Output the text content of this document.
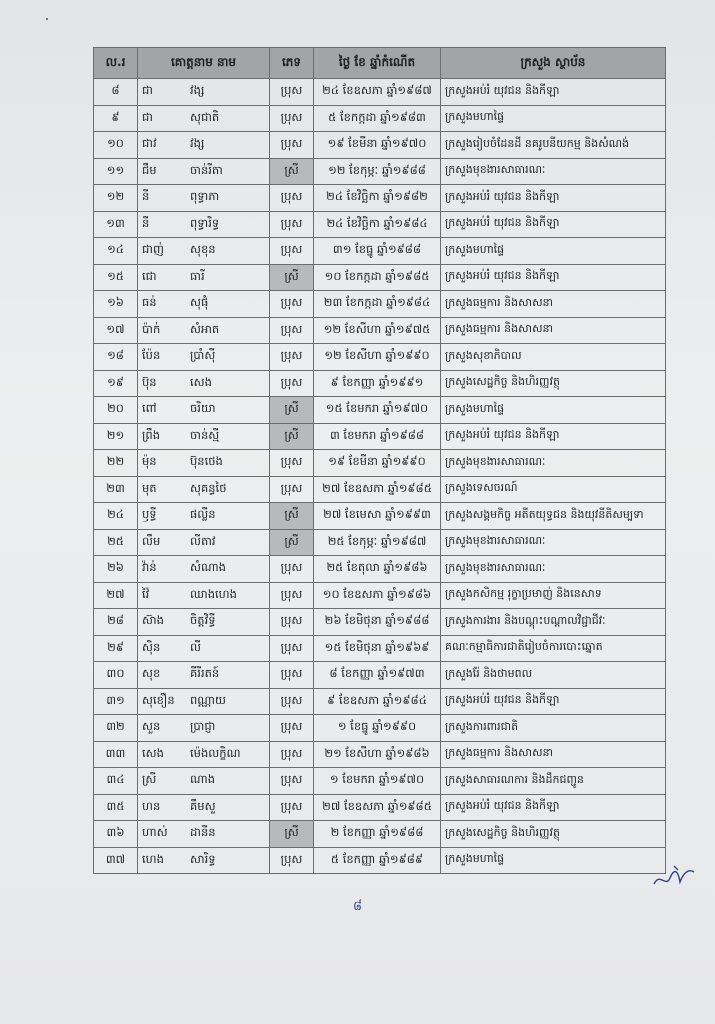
ល.រ	គោត្តនាម នាម	ភេទ	ថ្ងៃ ខែ ឆ្នាំកំណើត	ក្រសួង ស្ថាប័ន
៨	ជា វង្ស	ប្រុស	២៤ ខែឧសភា ឆ្នាំ១៩៨៧	ក្រសួងអប់រំ យុវជន និងកីឡា
៩	ជា សុជាតិ	ប្រុស	៥ ខែកក្កដា ឆ្នាំ១៩៨៣	ក្រសួងមហាផ្ទៃ
១០	ជាវ វង្ស	ប្រុស	១៩ ខែមីនា ឆ្នាំ១៩៧០	ក្រសួងរៀបចំដែនដី នគរូបនីយកម្ម និងសំណង់
១១	ជឹម ចាន់រីតា	ស្រី	១២ ខែកុម្ភៈ ឆ្នាំ១៩៨៨	ក្រសួងមុខងារសាធារណៈ
១២	នី ពុទ្ធាភា	ប្រុស	២៤ ខែវិច្ឆិកា ឆ្នាំ១៩៨២	ក្រសួងអប់រំ យុវជន និងកីឡា
១៣	នី ពុទ្ធារិទ្ធ	ប្រុស	២៤ ខែវិច្ឆិកា ឆ្នាំ១៩៨៤	ក្រសួងអប់រំ យុវជន និងកីឡា
១៤	ជាញ់ សុខុន	ប្រុស	៣១ ខែធ្នូ ឆ្នាំ១៩៨៨	ក្រសួងមហាផ្ទៃ
១៥	ជោ ធារី	ស្រី	១០ ខែកក្កដា ឆ្នាំ១៩៨៥	ក្រសួងអប់រំ យុវជន និងកីឡា
១៦	ធន់ សុផុំ	ប្រុស	២៣ ខែកក្កដា ឆ្នាំ១៩៨៤	ក្រសួងធម្មការ និងសាសនា
១៧	ប៉ាក់ សំអាត	ប្រុស	១២ ខែសីហា ឆ្នាំ១៩៧៥	ក្រសួងធម្មការ និងសាសនា
១៨	ប៉ែន ប្រាំស៊ី	ប្រុស	១២ ខែសីហា ឆ្នាំ១៩៩០	ក្រសួងសុខាភិបាល
១៩	ប៊ុន សេង	ប្រុស	៩ ខែកញ្ញា ឆ្នាំ១៩៩១	ក្រសួងសេដ្ឋកិច្ច និងហិរញ្ញវត្ថុ
២០	ពៅ ចរិយា	ស្រី	១៥ ខែមករា ឆ្នាំ១៩៧០	ក្រសួងមហាផ្ទៃ
២១	ព្រឹង ចាន់ស្មី	ស្រី	៣ ខែមករា ឆ្នាំ១៩៨៨	ក្រសួងអប់រំ យុវជន និងកីឡា
២២	ម៉ុន ប៊ុនថេង	ប្រុស	១៩ ខែមីនា ឆ្នាំ១៩៩០	ក្រសួងមុខងារសាធារណៈ
២៣	មុត សុគន្ធថៃ	ប្រុស	២៧ ខែឧសភា ឆ្នាំ១៩៨៥	ក្រសួងទេសចរណ៍
២៤	ឫទ្ធី ផល្លីន	ស្រី	២៧ ខែមេសា ឆ្នាំ១៩៩៣	ក្រសួងសង្គមកិច្ច អតីតយុទ្ធជន និងយុវនីតិសម្បទា
២៥	លឹម លីតាវ	ស្រី	២៥ ខែកុម្ភៈ ឆ្នាំ១៩៨៧	ក្រសួងមុខងារសាធារណៈ
២៦	វ៉ាន់ សំណាង	ប្រុស	២៥ ខែតុលា ឆ្នាំ១៩៨៦	ក្រសួងមុខងារសាធារណៈ
២៧	វ៉ៃ ឈាងហេង	ប្រុស	១០ ខែឧសភា ឆ្នាំ១៩៨៦	ក្រសួងកសិកម្ម រុក្ខាប្រមាញ់ និងនេសាទ
២៨	ស៊ាង ចិត្តវិទ្ធី	ប្រុស	២៦ ខែមិថុនា ឆ្នាំ១៩៨៨	ក្រសួងការងារ និងបណ្តុះបណ្តាលវិជ្ជាជីវៈ
២៩	ស៊ិន លី	ប្រុស	១៥ ខែមិថុនា ឆ្នាំ១៩៦៩	គណៈកម្មាធិការជាតិរៀបចំការបោះឆ្នោត
៣០	សុខ គីរីរតន៍	ប្រុស	៨ ខែកញ្ញា ឆ្នាំ១៩៧៣	ក្រសួងរ៉ែ និងថាមពល
៣១	សុខឿន ពណ្ណាយ	ប្រុស	៩ ខែឧសភា ឆ្នាំ១៩៨៤	ក្រសួងអប់រំ យុវជន និងកីឡា
៣២	សួន ប្រាជ្ញា	ប្រុស	១ ខែធ្នូ ឆ្នាំ១៩៩០	ក្រសួងការពារជាតិ
៣៣	សេង ម៉េងលក្ខិណ	ប្រុស	២១ ខែសីហា ឆ្នាំ១៩៨៦	ក្រសួងធម្មការ និងសាសនា
៣៤	ស្រី ណាង	ប្រុស	១ ខែមករា ឆ្នាំ១៩៧០	ក្រសួងសាធារណការ និងដឹកជញ្ជូន
៣៥	ហន គឹមសួ	ប្រុស	២៧ ខែឧសភា ឆ្នាំ១៩៨៥	ក្រសួងអប់រំ យុវជន និងកីឡា
៣៦	ហាស់ ដានីន	ស្រី	២ ខែកញ្ញា ឆ្នាំ១៩៨៨	ក្រសួងសេដ្ឋកិច្ច និងហិរញ្ញវត្ថុ
៣៧	ហេង សារិទ្ធ	ប្រុស	៥ ខែកញ្ញា ឆ្នាំ១៩៨៩	ក្រសួងមហាផ្ទៃ
៨
